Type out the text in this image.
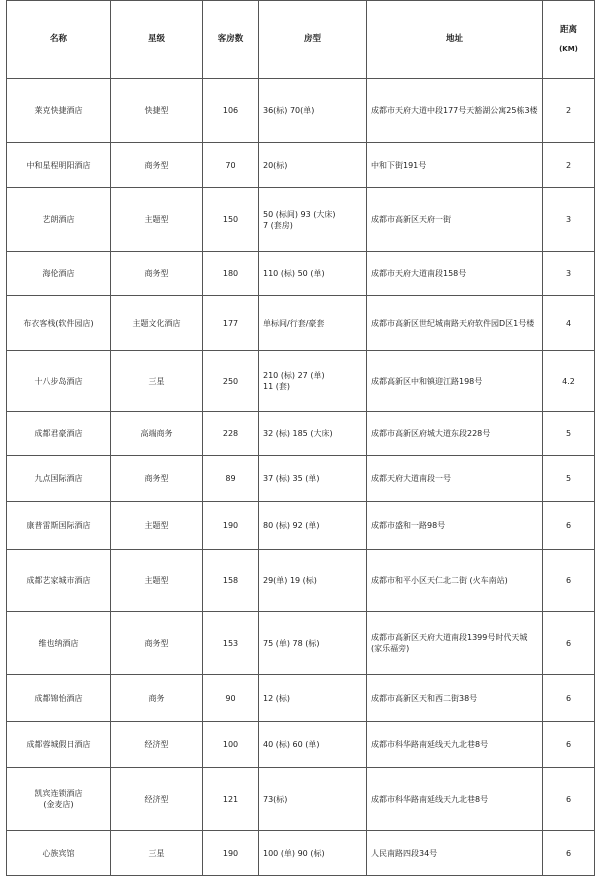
名称	星级	客房数	房型	地址	距离
(KM)

莱克快捷酒店	快捷型	106	36(标) 70(单)	成都市天府大道中段177号天豁湖公寓25栋3楼	2
中和星程明阳酒店	商务型	70	20(标)	中和下街191号	2
艺朗酒店	主题型	150	50 (标间) 93 (大床)
7 (套房)	成都市高新区天府一街	3
海伦酒店	商务型	180	110 (标) 50 (单)	成都市天府大道南段158号	3
布衣客栈(软件园店)	主题文化酒店	177	单标间/行套/豪套	成都市高新区世纪城南路天府软件园D区1号楼	4
十八步岛酒店	三星	250	210 (标) 27 (单)
11 (套)	成都高新区中和镇迎江路198号	4.2
成都君豪酒店	高端商务	228	32 (标) 185 (大床)	成都市高新区府城大道东段228号	5
九点国际酒店	商务型	89	37 (标) 35 (单)	成都天府大道南段一号	5
康普雷斯国际酒店	主题型	190	80 (标) 92 (单)	成都市盛和一路98号	6
成都艺家城市酒店	主题型	158	29(单) 19 (标)	成都市和平小区天仁北二街 (火车南站)	6
维也纳酒店	商务型	153	75 (单) 78 (标)	成都市高新区天府大道南段1399号时代天城 (家乐福旁)	6
成都锦怡酒店	商务	90	12 (标)	成都市高新区天和西二街38号	6
成都蓉城假日酒店	经济型	100	40 (标) 60 (单)	成都市科华路南延线天九北巷8号	6
凯宾连锁酒店
(金麦店)	经济型	121	73(标)	成都市科华路南延线天九北巷8号	6
心族宾馆	三星	190	100 (单) 90 (标)	人民南路四段34号	6
